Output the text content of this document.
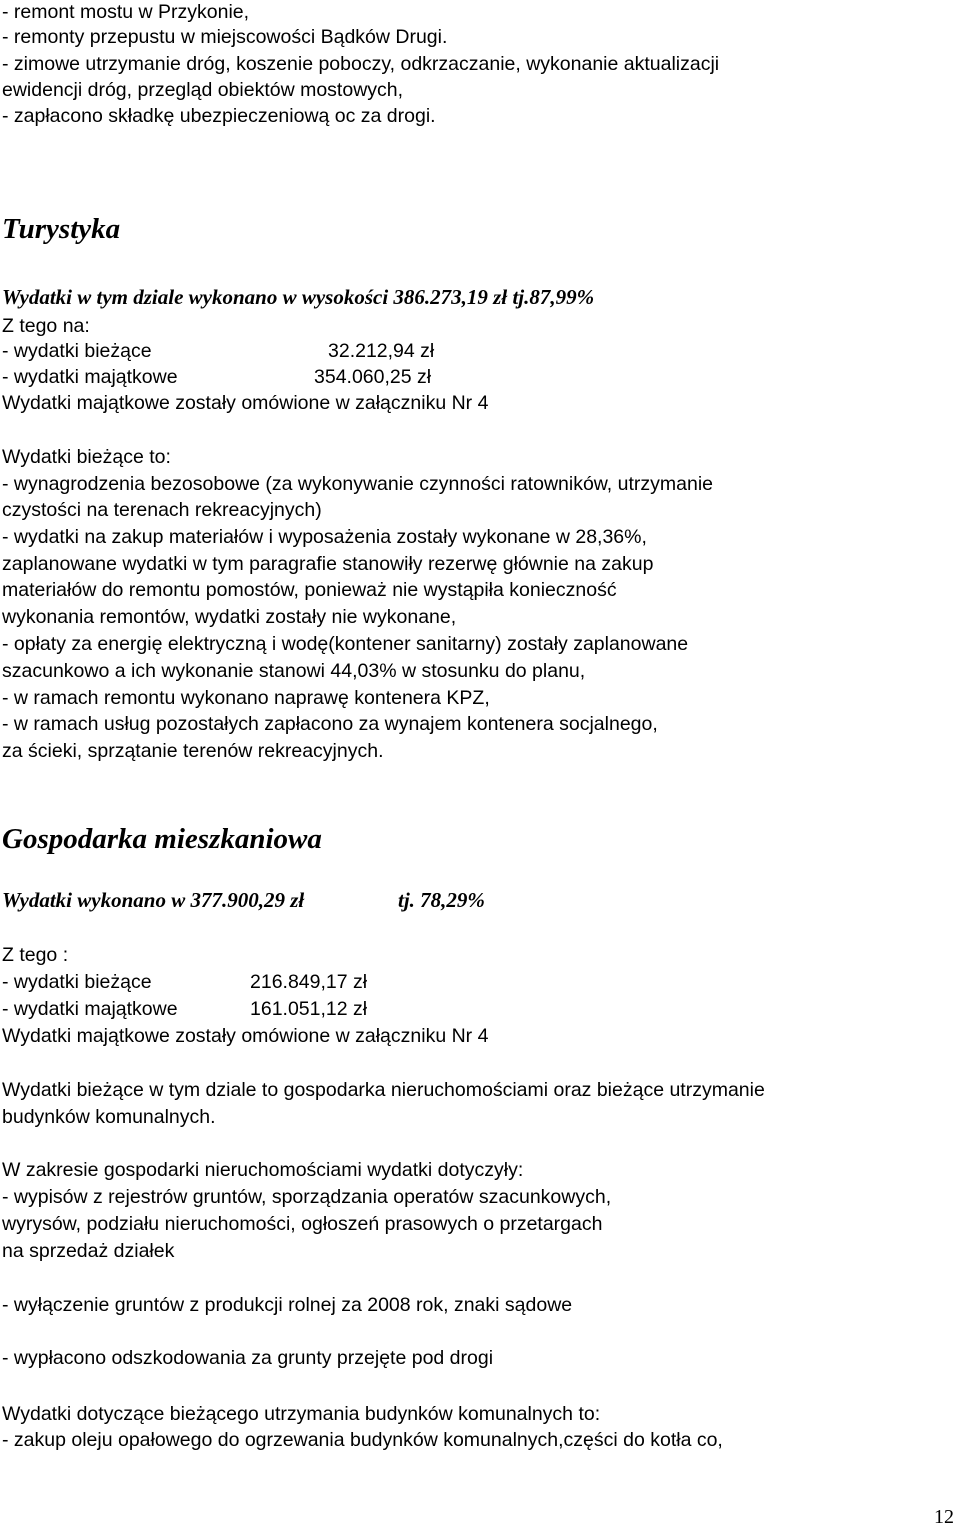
- remont mostu w Przykonie,

- remonty przepustu w miejscowości Bądków Drugi.

- zimowe utrzymanie dróg, koszenie poboczy, odkrzaczanie, wykonanie aktualizacji

ewidencji dróg, przegląd obiektów mostowych,

- zapłacono składkę ubezpieczeniową oc za drogi.

Turystyka

Wydatki w tym dziale wykonano w wysokości 386.273,19 zł tj.87,99%

Z tego na:

- wydatki bieżące	32.212,94 zł

- wydatki majątkowe	354.060,25 zł

Wydatki majątkowe zostały omówione w załączniku Nr 4

Wydatki bieżące to:

- wynagrodzenia bezosobowe (za wykonywanie czynności ratowników, utrzymanie

czystości na terenach rekreacyjnych)

- wydatki na zakup materiałów i wyposażenia zostały wykonane w 28,36%,

zaplanowane wydatki w tym paragrafie stanowiły rezerwę głównie na zakup

materiałów do remontu pomostów, ponieważ nie wystąpiła konieczność

wykonania remontów, wydatki zostały nie wykonane,

- opłaty za energię elektryczną i wodę(kontener sanitarny) zostały zaplanowane

szacunkowo a ich wykonanie stanowi 44,03% w stosunku do planu,

- w ramach remontu wykonano naprawę kontenera KPZ,

- w ramach usług pozostałych zapłacono za wynajem kontenera socjalnego,

za ścieki, sprzątanie terenów rekreacyjnych.

Gospodarka mieszkaniowa

Wydatki wykonano w 377.900,29 zł	tj. 78,29%

Z tego :

- wydatki bieżące	216.849,17 zł

- wydatki majątkowe	161.051,12 zł

Wydatki majątkowe zostały omówione w załączniku Nr 4

Wydatki bieżące w tym dziale to gospodarka nieruchomościami oraz bieżące utrzymanie

budynków komunalnych.

W zakresie gospodarki nieruchomościami wydatki dotyczyły:

- wypisów z rejestrów gruntów, sporządzania operatów szacunkowych,

wyrysów, podziału nieruchomości, ogłoszeń prasowych o przetargach

na sprzedaż działek

- wyłączenie gruntów z produkcji rolnej za 2008 rok, znaki sądowe

- wypłacono odszkodowania za grunty przejęte pod drogi

Wydatki dotyczące bieżącego utrzymania budynków komunalnych to:

- zakup oleju opałowego do ogrzewania budynków komunalnych,części do kotła co,

12
